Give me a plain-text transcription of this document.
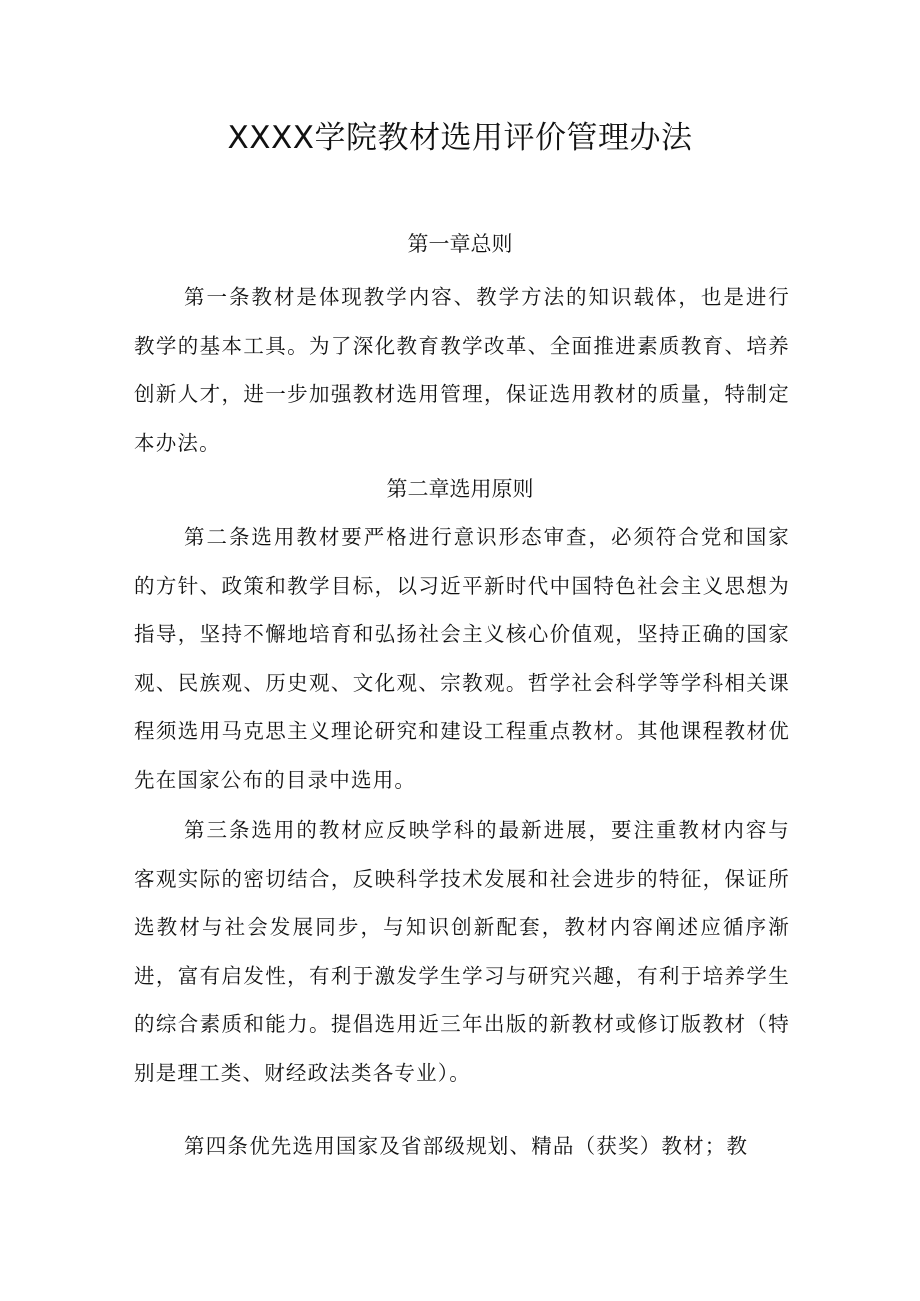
XXXX学院教材选用评价管理办法
第一章总则

第一条教材是体现教学内容、教学方法的知识载体，也是进行教学的基本工具。为了深化教育教学改革、全面推进素质教育、培养创新人才，进一步加强教材选用管理，保证选用教材的质量，特制定本办法。

第二章选用原则

第二条选用教材要严格进行意识形态审查，必须符合党和国家的方针、政策和教学目标，以习近平新时代中国特色社会主义思想为指导，坚持不懈地培育和弘扬社会主义核心价值观，坚持正确的国家观、民族观、历史观、文化观、宗教观。哲学社会科学等学科相关课程须选用马克思主义理论研究和建设工程重点教材。其他课程教材优先在国家公布的目录中选用。

第三条选用的教材应反映学科的最新进展，要注重教材内容与客观实际的密切结合，反映科学技术发展和社会进步的特征，保证所选教材与社会发展同步，与知识创新配套，教材内容阐述应循序渐进，富有启发性，有利于激发学生学习与研究兴趣，有利于培养学生的综合素质和能力。提倡选用近三年出版的新教材或修订版教材（特别是理工类、财经政法类各专业）。

第四条优先选用国家及省部级规划、精品（获奖）教材；教
